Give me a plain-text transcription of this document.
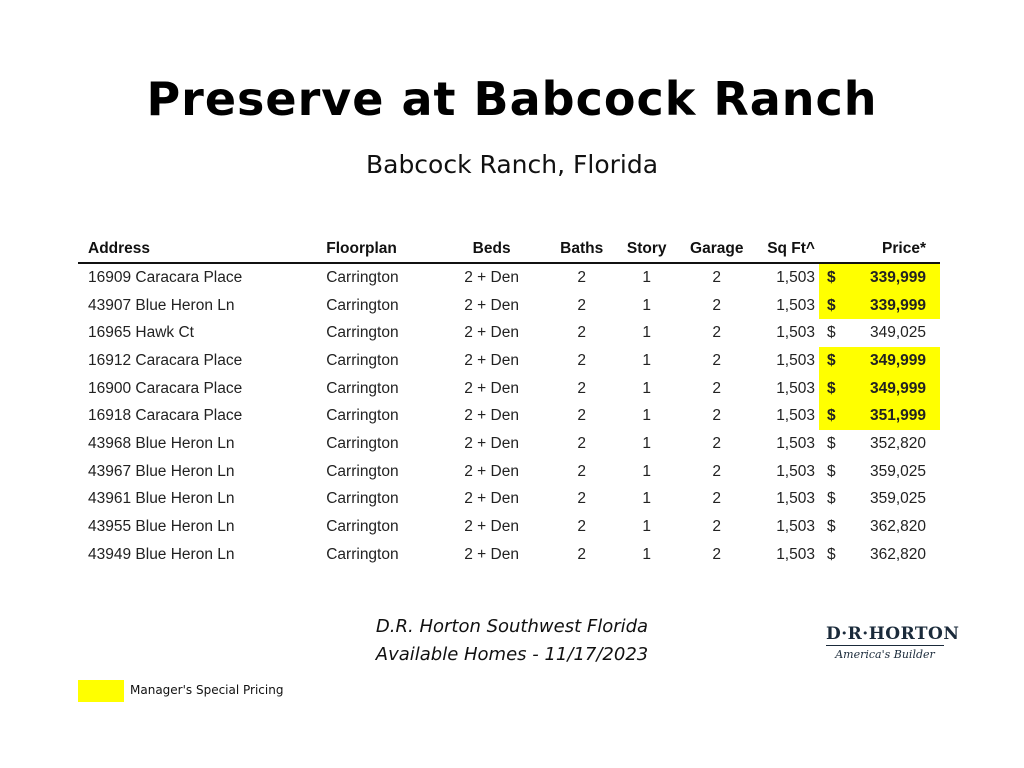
Preserve at Babcock Ranch
Babcock Ranch, Florida
Address	Floorplan	Beds	Baths	Story	Garage	Sq Ft^	Price*	
16909 Caracara Place	Carrington	2 + Den	2	1	2	1,503	$	339,999
43907 Blue Heron Ln	Carrington	2 + Den	2	1	2	1,503	$	339,999
16965 Hawk Ct	Carrington	2 + Den	2	1	2	1,503	$	349,025
16912 Caracara Place	Carrington	2 + Den	2	1	2	1,503	$	349,999
16900 Caracara Place	Carrington	2 + Den	2	1	2	1,503	$	349,999
16918 Caracara Place	Carrington	2 + Den	2	1	2	1,503	$	351,999
43968 Blue Heron Ln	Carrington	2 + Den	2	1	2	1,503	$	352,820
43967 Blue Heron Ln	Carrington	2 + Den	2	1	2	1,503	$	359,025
43961 Blue Heron Ln	Carrington	2 + Den	2	1	2	1,503	$	359,025
43955 Blue Heron Ln	Carrington	2 + Den	2	1	2	1,503	$	362,820
43949 Blue Heron Ln	Carrington	2 + Den	2	1	2	1,503	$	362,820
D.R. Horton Southwest Florida
Available Homes - 11/17/2023
D·R·HORTON
America's Builder
Manager's Special Pricing
